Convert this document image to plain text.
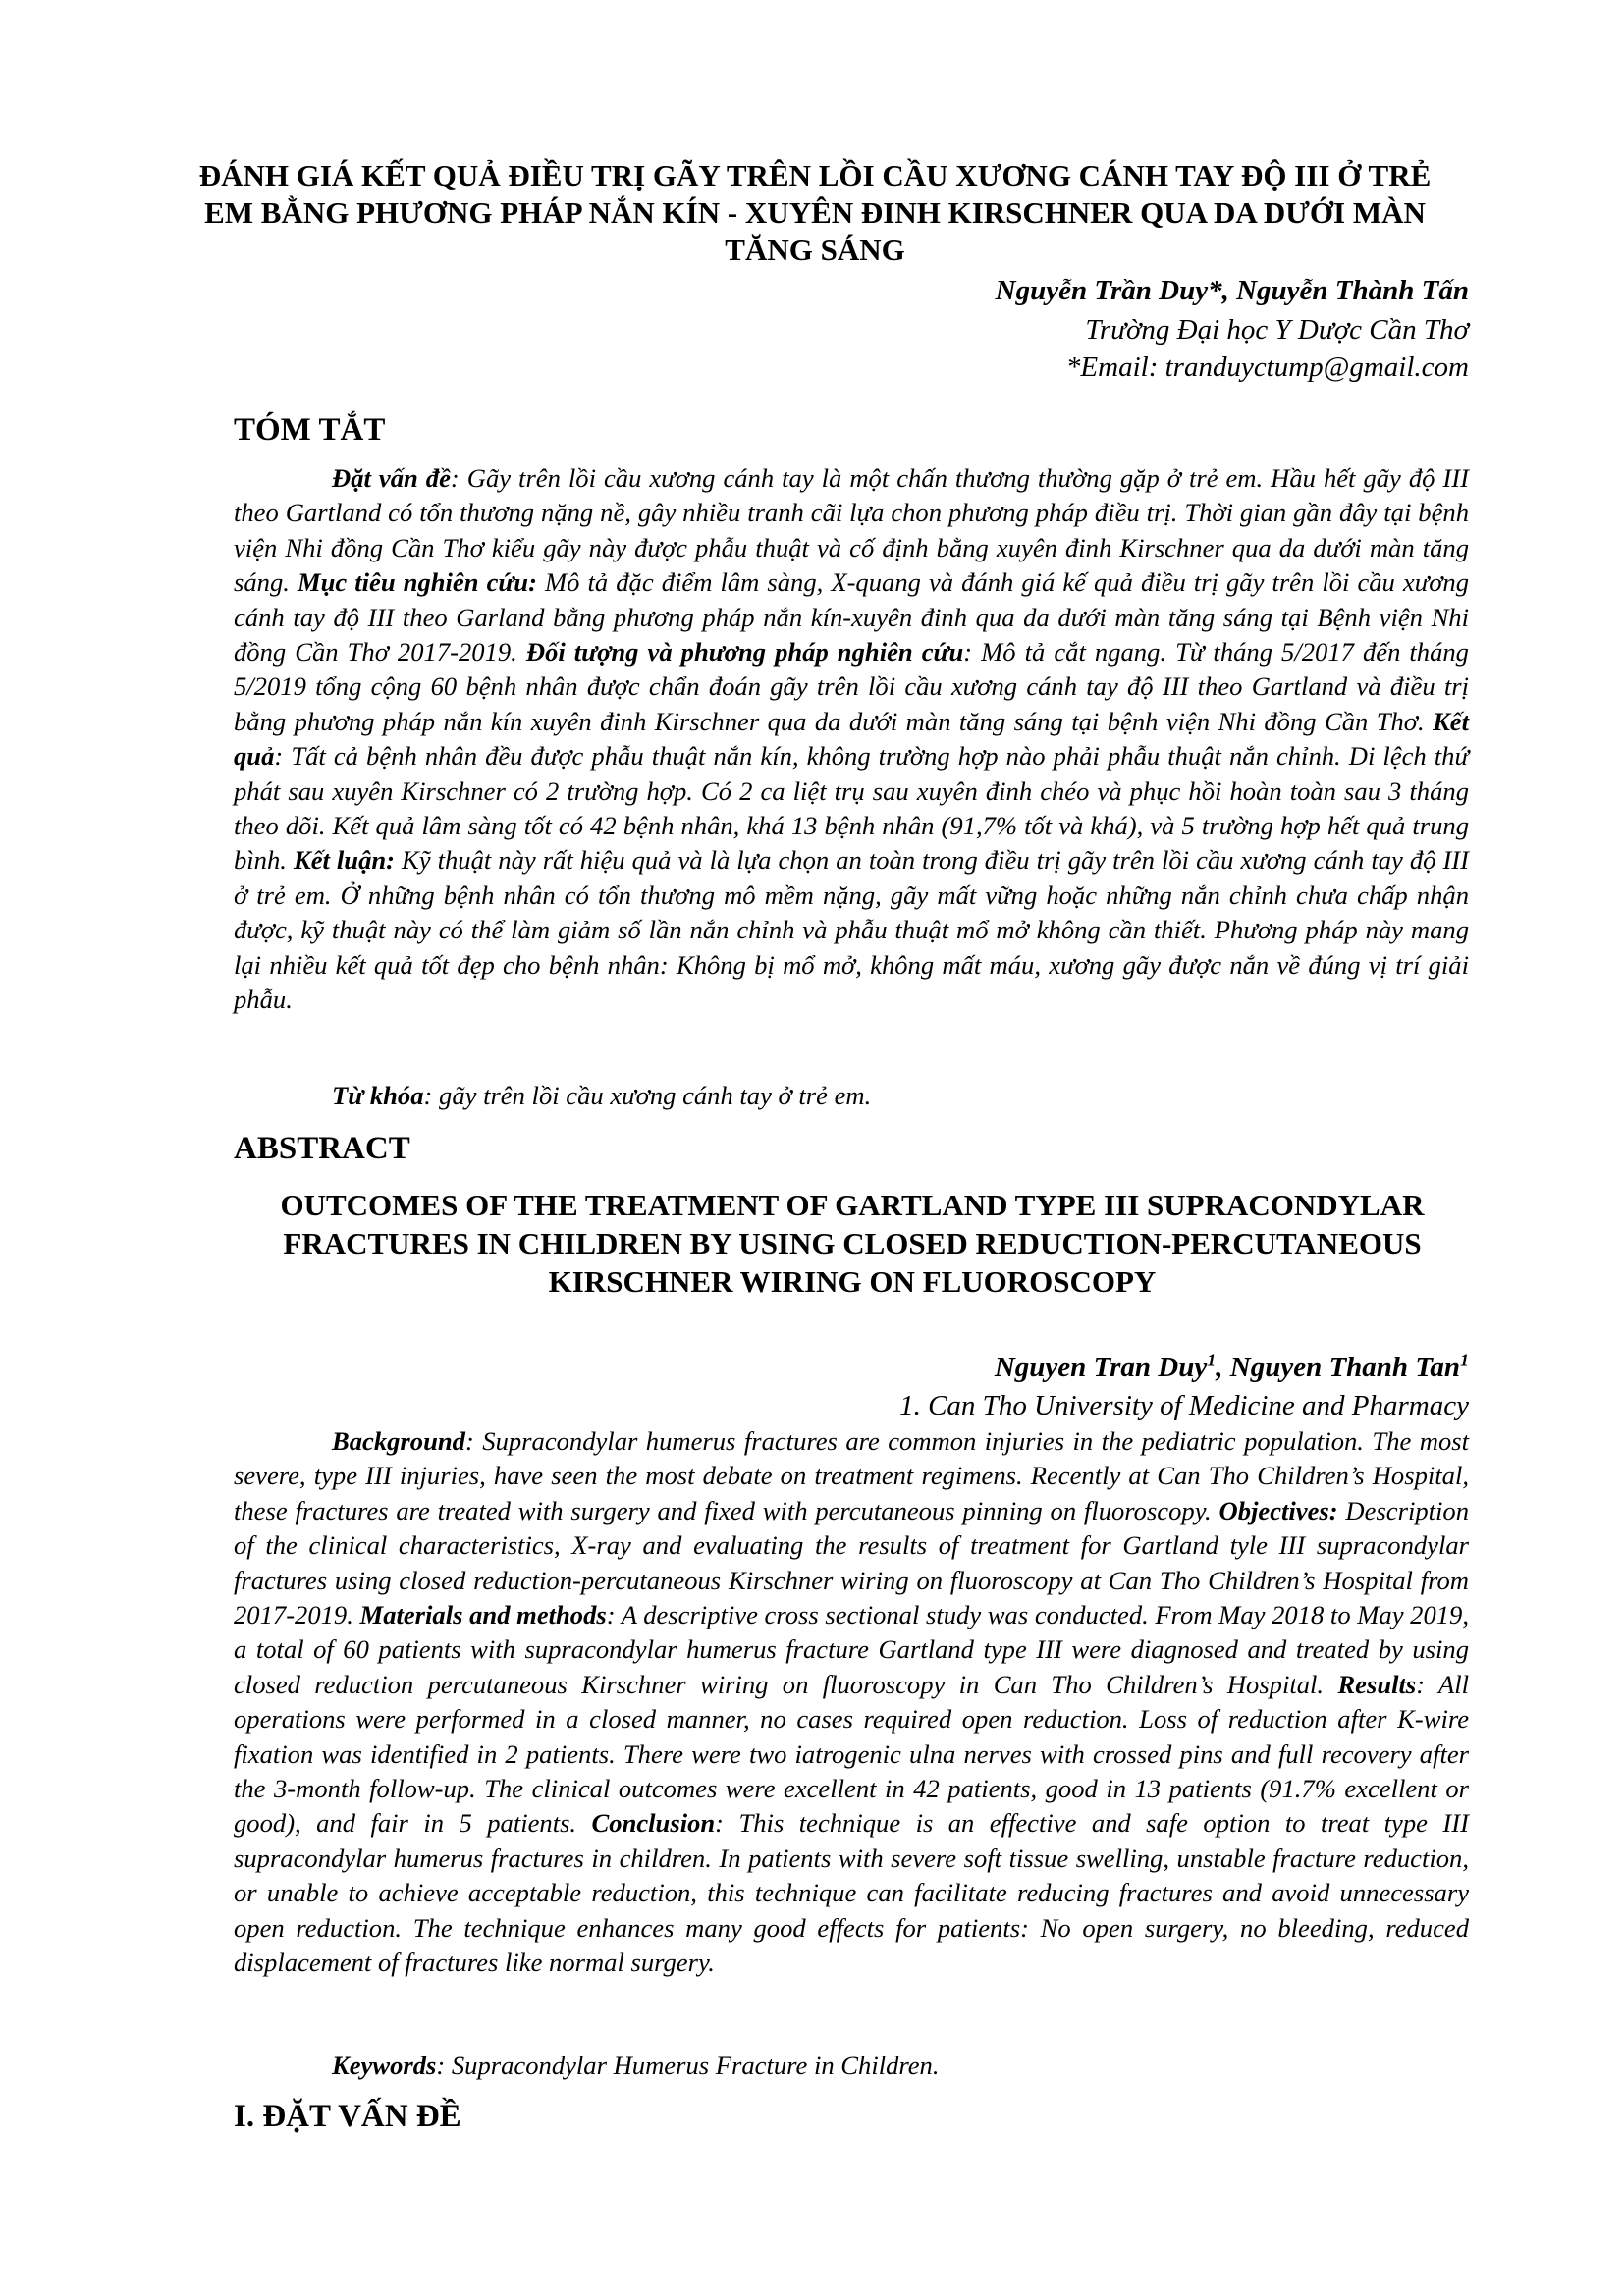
ĐÁNH GIÁ KẾT QUẢ ĐIỀU TRỊ GÃY TRÊN LỒI CẦU XƯƠNG CÁNH TAY ĐỘ III Ở TRẺ EM BẰNG PHƯƠNG PHÁP NẮN KÍN - XUYÊN ĐINH KIRSCHNER QUA DA DƯỚI MÀN TĂNG SÁNG
Nguyễn Trần Duy*, Nguyễn Thành Tấn
Trường Đại học Y Dược Cần Thơ
*Email: tranduyctump@gmail.com
TÓM TẮT
Đặt vấn đề: Gãy trên lồi cầu xương cánh tay là một chấn thương thường gặp ở trẻ em. Hầu hết gãy độ III theo Gartland có tổn thương nặng nề, gây nhiều tranh cãi lựa chon phương pháp điều trị. Thời gian gần đây tại bệnh viện Nhi đồng Cần Thơ kiểu gãy này được phẫu thuật và cố định bằng xuyên đinh Kirschner qua da dưới màn tăng sáng. Mục tiêu nghiên cứu: Mô tả đặc điểm lâm sàng, X-quang và đánh giá kế quả điều trị gãy trên lồi cầu xương cánh tay độ III theo Garland bằng phương pháp nắn kín-xuyên đinh qua da dưới màn tăng sáng tại Bệnh viện Nhi đồng Cần Thơ 2017-2019. Đối tượng và phương pháp nghiên cứu: Mô tả cắt ngang. Từ tháng 5/2017 đến tháng 5/2019 tổng cộng 60 bệnh nhân được chẩn đoán gãy trên lồi cầu xương cánh tay độ III theo Gartland và điều trị bằng phương pháp nắn kín xuyên đinh Kirschner qua da dưới màn tăng sáng tại bệnh viện Nhi đồng Cần Thơ. Kết quả: Tất cả bệnh nhân đều được phẫu thuật nắn kín, không trường hợp nào phải phẫu thuật nắn chỉnh. Di lệch thứ phát sau xuyên Kirschner có 2 trường hợp. Có 2 ca liệt trụ sau xuyên đinh chéo và phục hồi hoàn toàn sau 3 tháng theo dõi. Kết quả lâm sàng tốt có 42 bệnh nhân, khá 13 bệnh nhân (91,7% tốt và khá), và 5 trường hợp hết quả trung bình. Kết luận: Kỹ thuật này rất hiệu quả và là lựa chọn an toàn trong điều trị gãy trên lồi cầu xương cánh tay độ III ở trẻ em. Ở những bệnh nhân có tổn thương mô mềm nặng, gãy mất vững hoặc những nắn chỉnh chưa chấp nhận được, kỹ thuật này có thể làm giảm số lần nắn chỉnh và phẫu thuật mổ mở không cần thiết. Phương pháp này mang lại nhiều kết quả tốt đẹp cho bệnh nhân: Không bị mổ mở, không mất máu, xương gãy được nắn về đúng vị trí giải phẫu.
Từ khóa: gãy trên lồi cầu xương cánh tay ở trẻ em.
ABSTRACT
OUTCOMES OF THE TREATMENT OF GARTLAND TYPE III SUPRACONDYLAR FRACTURES IN CHILDREN BY USING CLOSED REDUCTION-PERCUTANEOUS KIRSCHNER WIRING ON FLUOROSCOPY
Nguyen Tran Duy$^1$, Nguyen Thanh Tan$^1$
1. Can Tho University of Medicine and Pharmacy
Background: Supracondylar humerus fractures are common injuries in the pediatric population. The most severe, type III injuries, have seen the most debate on treatment regimens. Recently at Can Tho Children’s Hospital, these fractures are treated with surgery and fixed with percutaneous pinning on fluoroscopy. Objectives: Description of the clinical characteristics, X-ray and evaluating the results of treatment for Gartland tyle III supracondylar fractures using closed reduction-percutaneous Kirschner wiring on fluoroscopy at Can Tho Children’s Hospital from 2017-2019. Materials and methods: A descriptive cross sectional study was conducted. From May 2018 to May 2019, a total of 60 patients with supracondylar humerus fracture Gartland type III were diagnosed and treated by using closed reduction percutaneous Kirschner wiring on fluoroscopy in Can Tho Children’s Hospital. Results: All operations were performed in a closed manner, no cases required open reduction. Loss of reduction after K-wire fixation was identified in 2 patients. There were two iatrogenic ulna nerves with crossed pins and full recovery after the 3-month follow-up. The clinical outcomes were excellent in 42 patients, good in 13 patients (91.7% excellent or good), and fair in 5 patients. Conclusion: This technique is an effective and safe option to treat type III supracondylar humerus fractures in children. In patients with severe soft tissue swelling, unstable fracture reduction, or unable to achieve acceptable reduction, this technique can facilitate reducing fractures and avoid unnecessary open reduction. The technique enhances many good effects for patients: No open surgery, no bleeding, reduced displacement of fractures like normal surgery.
Keywords: Supracondylar Humerus Fracture in Children.
I. ĐẶT VẤN ĐỀ
